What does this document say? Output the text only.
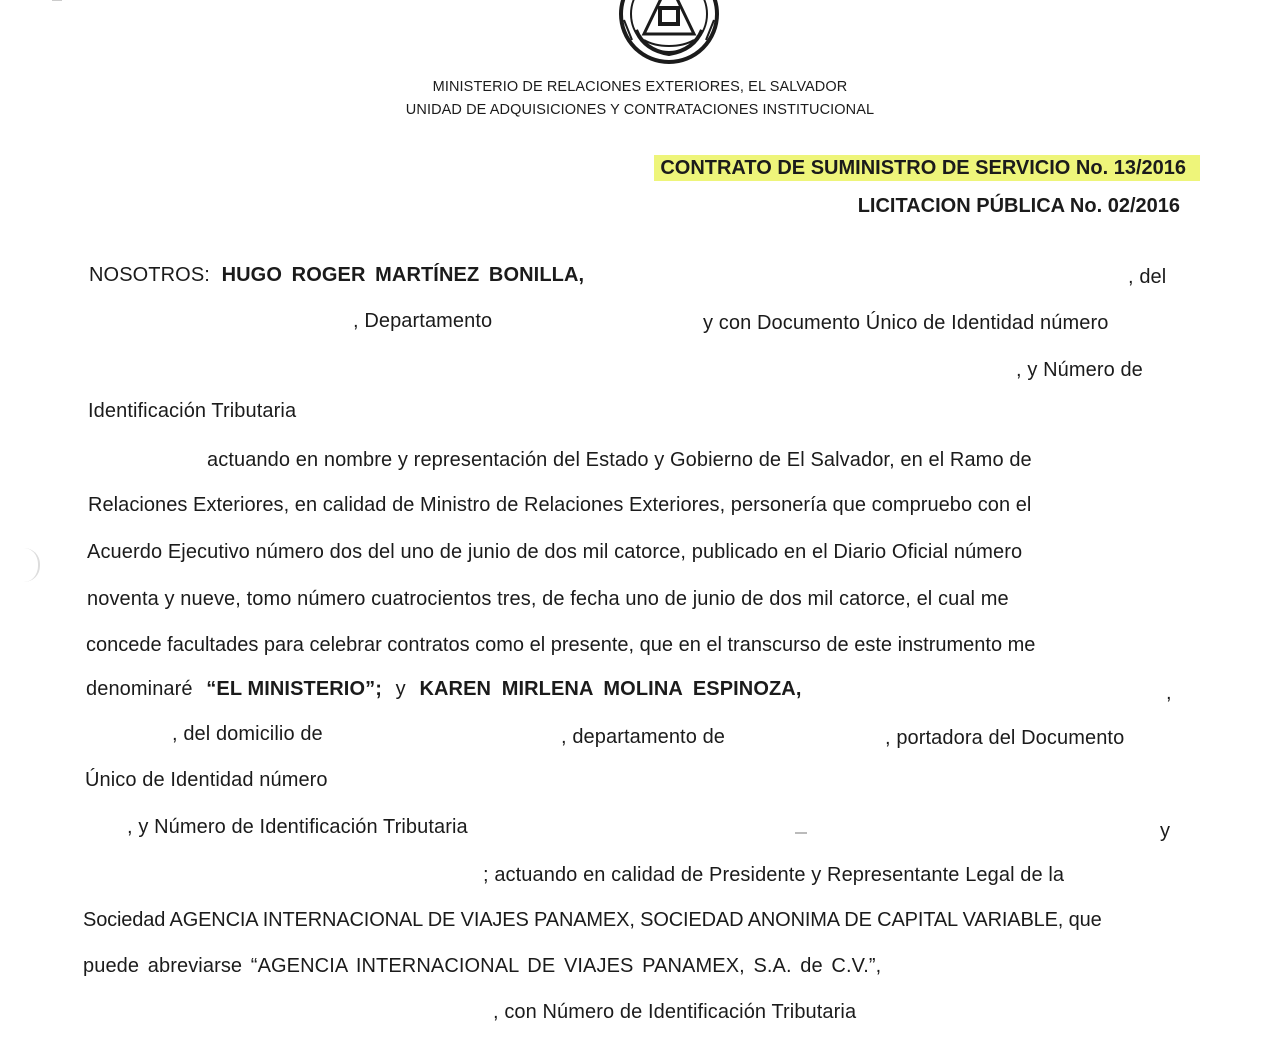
MINISTERIO DE RELACIONES EXTERIORES, EL SALVADOR
UNIDAD DE ADQUISICIONES Y CONTRATACIONES INSTITUCIONAL
CONTRATO DE SUMINISTRO DE SERVICIO No. 13/2016
LICITACION PÚBLICA No. 02/2016
NOSOTROS: HUGO ROGER MARTÍNEZ BONILLA,	, del
, Departamento	y con Documento Único de Identidad número
, y Número de
Identificación Tributaria
actuando en nombre y representación del Estado y Gobierno de El Salvador, en el Ramo de
Relaciones Exteriores, en calidad de Ministro de Relaciones Exteriores, personería que compruebo con el
Acuerdo Ejecutivo número dos del uno de junio de dos mil catorce, publicado en el Diario Oficial número
noventa y nueve, tomo número cuatrocientos tres, de fecha uno de junio de dos mil catorce, el cual me
concede facultades para celebrar contratos como el presente, que en el transcurso de este instrumento me
denominaré “EL MINISTERIO”; y KAREN MIRLENA MOLINA ESPINOZA,	,
, del domicilio de	, departamento de	, portadora del Documento
Único de Identidad número
, y Número de Identificación Tributaria	y
; actuando en calidad de Presidente y Representante Legal de la
Sociedad AGENCIA INTERNACIONAL DE VIAJES PANAMEX, SOCIEDAD ANONIMA DE CAPITAL VARIABLE, que
puede abreviarse “AGENCIA INTERNACIONAL DE VIAJES PANAMEX, S.A. de C.V.”,
, con Número de Identificación Tributaria
